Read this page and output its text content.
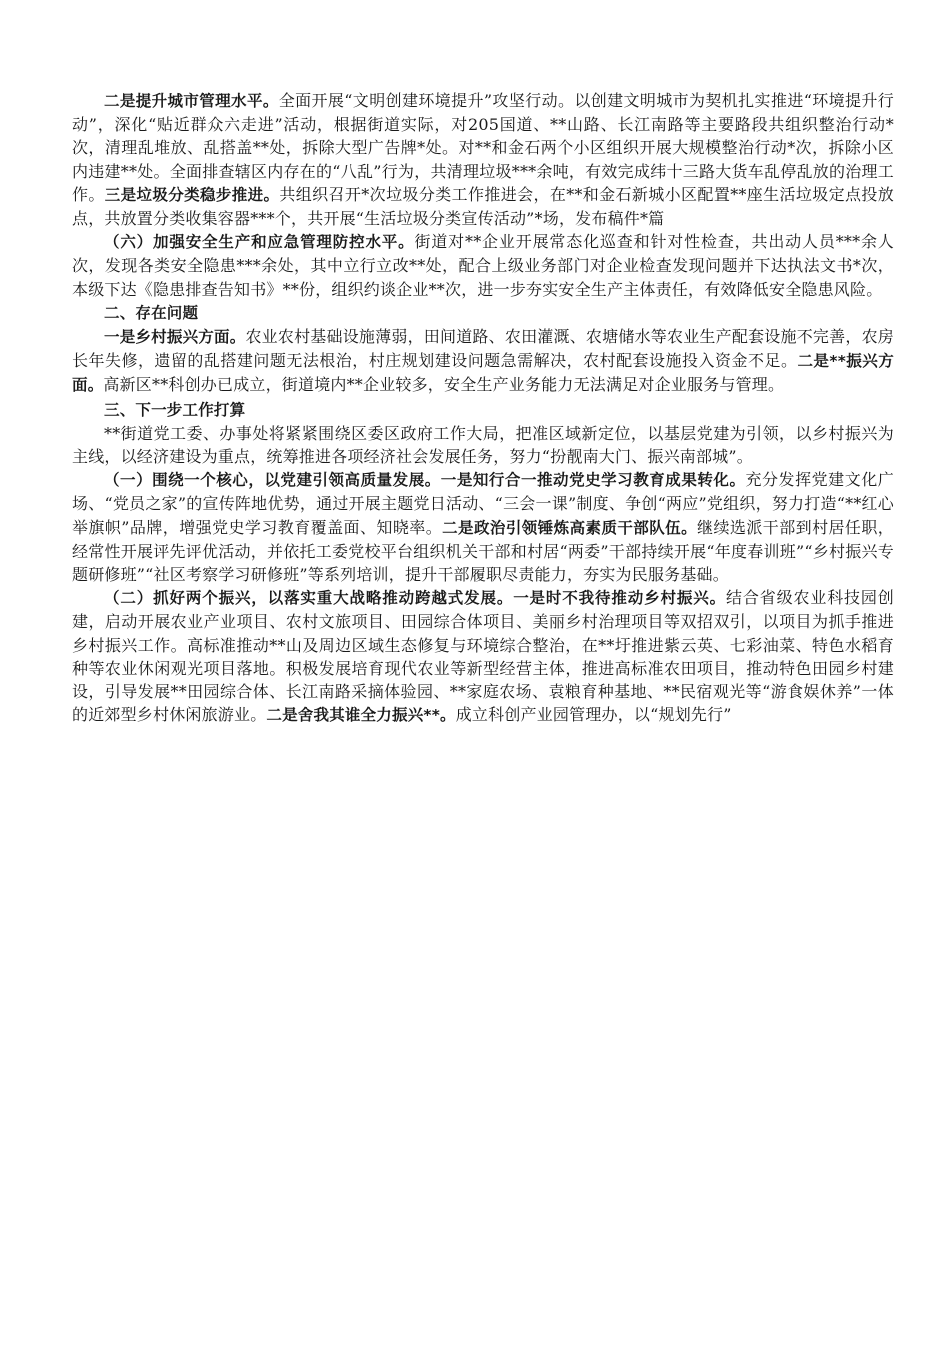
二是提升城市管理水平。全面开展“文明创建环境提升”攻坚行动。以创建文明城市为契机扎实推进“环境提升行动”，深化“贴近群众六走进”活动，根据街道实际，对205国道、**山路、长江南路等主要路段共组织整治行动*次，清理乱堆放、乱搭盖**处，拆除大型广告牌*处。对**和金石两个小区组织开展大规模整治行动*次，拆除小区内违建**处。全面排查辖区内存在的“八乱”行为，共清理垃圾***余吨，有效完成纬十三路大货车乱停乱放的治理工作。三是垃圾分类稳步推进。共组织召开*次垃圾分类工作推进会，在**和金石新城小区配置**座生活垃圾定点投放点，共放置分类收集容器***个，共开展“生活垃圾分类宣传活动”*场，发布稿件*篇

（六）加强安全生产和应急管理防控水平。街道对**企业开展常态化巡查和针对性检查，共出动人员***余人次，发现各类安全隐患***余处，其中立行立改**处，配合上级业务部门对企业检查发现问题并下达执法文书*次，本级下达《隐患排查告知书》**份，组织约谈企业**次，进一步夯实安全生产主体责任，有效降低安全隐患风险。

二、存在问题

一是乡村振兴方面。农业农村基础设施薄弱，田间道路、农田灌溉、农塘储水等农业生产配套设施不完善，农房长年失修，遗留的乱搭建问题无法根治，村庄规划建设问题急需解决，农村配套设施投入资金不足。二是**振兴方面。高新区**科创办已成立，街道境内**企业较多，安全生产业务能力无法满足对企业服务与管理。

三、下一步工作打算

**街道党工委、办事处将紧紧围绕区委区政府工作大局，把准区域新定位，以基层党建为引领，以乡村振兴为主线，以经济建设为重点，统筹推进各项经济社会发展任务，努力“扮靓南大门、振兴南部城”。

（一）围绕一个核心，以党建引领高质量发展。一是知行合一推动党史学习教育成果转化。充分发挥党建文化广场、“党员之家”的宣传阵地优势，通过开展主题党日活动、“三会一课”制度、争创“两应”党组织，努力打造“**红心举旗帜”品牌，增强党史学习教育覆盖面、知晓率。二是政治引领锤炼高素质干部队伍。继续选派干部到村居任职，经常性开展评先评优活动，并依托工委党校平台组织机关干部和村居“两委”干部持续开展“年度春训班”“乡村振兴专题研修班”“社区考察学习研修班”等系列培训，提升干部履职尽责能力，夯实为民服务基础。

（二）抓好两个振兴，以落实重大战略推动跨越式发展。一是时不我待推动乡村振兴。结合省级农业科技园创建，启动开展农业产业项目、农村文旅项目、田园综合体项目、美丽乡村治理项目等双招双引，以项目为抓手推进乡村振兴工作。高标准推动**山及周边区域生态修复与环境综合整治，在**圩推进紫云英、七彩油菜、特色水稻育种等农业休闲观光项目落地。积极发展培育现代农业等新型经营主体，推进高标准农田项目，推动特色田园乡村建设，引导发展**田园综合体、长江南路采摘体验园、**家庭农场、袁粮育种基地、**民宿观光等“游食娱休养”一体的近郊型乡村休闲旅游业。二是舍我其谁全力振兴**。成立科创产业园管理办，以“规划先行”
